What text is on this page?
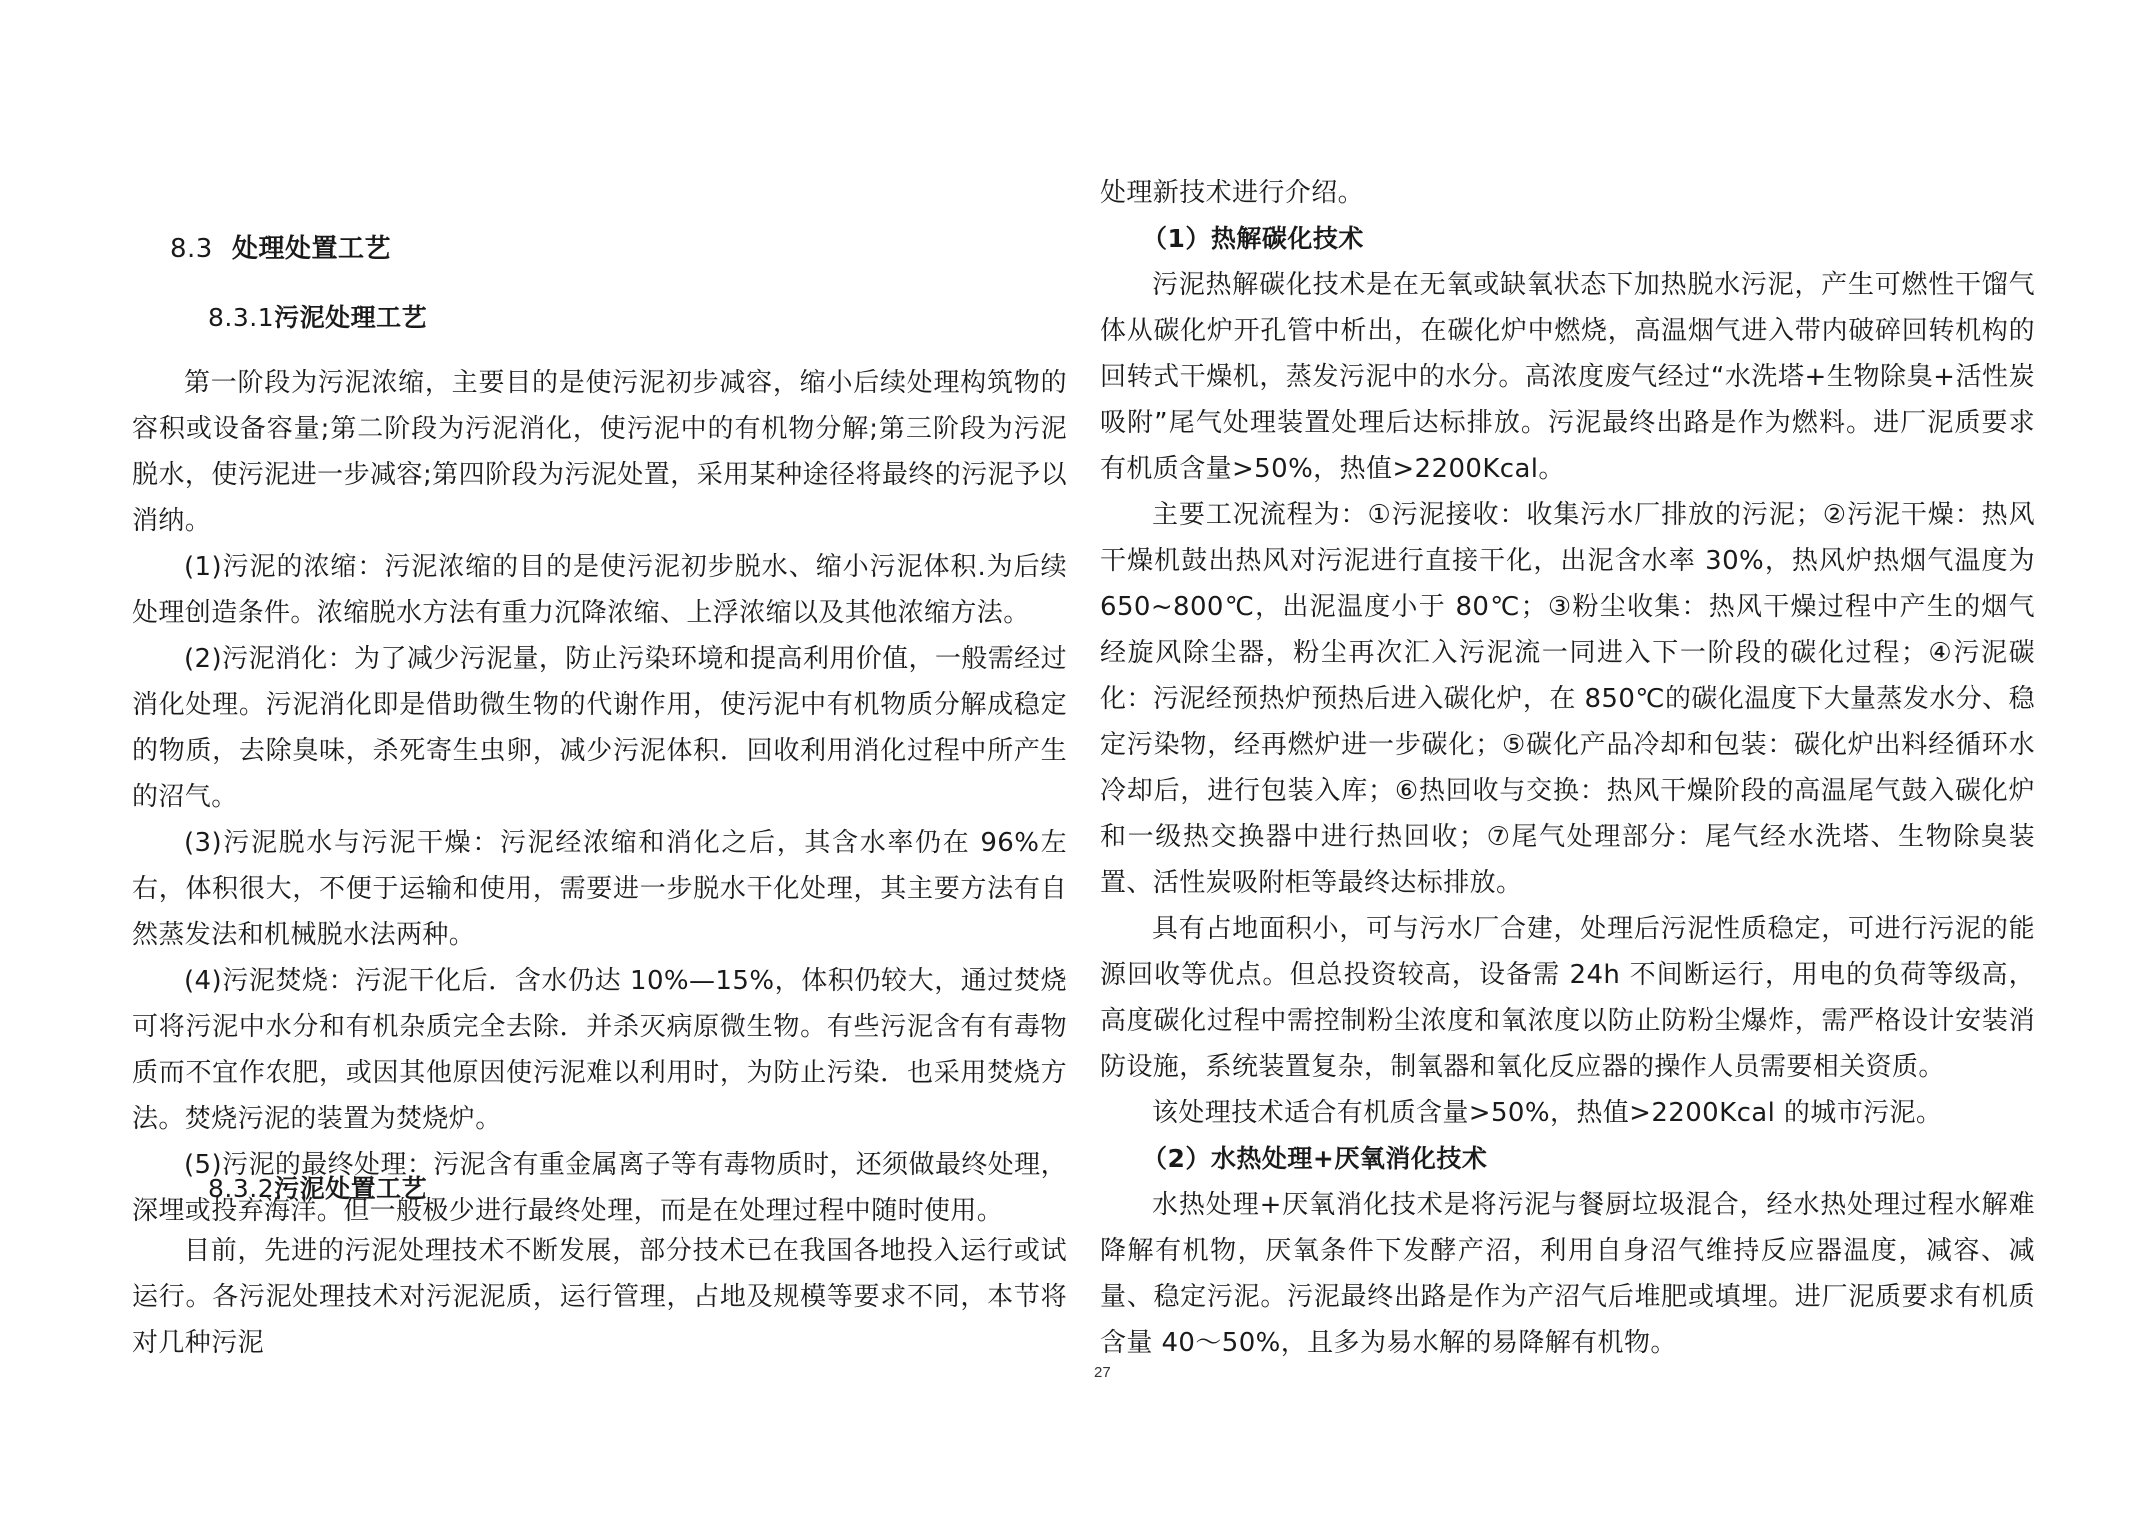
8.3 处理处置工艺
8.3.1污泥处理工艺

第一阶段为污泥浓缩，主要目的是使污泥初步减容，缩小后续处理构筑物的容积或设备容量;第二阶段为污泥消化，使污泥中的有机物分解;第三阶段为污泥脱水，使污泥进一步减容;第四阶段为污泥处置，采用某种途径将最终的污泥予以消纳。

(1)污泥的浓缩：污泥浓缩的目的是使污泥初步脱水、缩小污泥体积.为后续处理创造条件。浓缩脱水方法有重力沉降浓缩、上浮浓缩以及其他浓缩方法。

(2)污泥消化：为了减少污泥量，防止污染环境和提高利用价值，一般需经过消化处理。污泥消化即是借助微生物的代谢作用，使污泥中有机物质分解成稳定的物质，去除臭味，杀死寄生虫卵，减少污泥体积．回收利用消化过程中所产生的沼气。

(3)污泥脱水与污泥干燥：污泥经浓缩和消化之后，其含水率仍在 96%左右，体积很大，不便于运输和使用，需要进一步脱水干化处理，其主要方法有自然蒸发法和机械脱水法两种。

(4)污泥焚烧：污泥干化后．含水仍达 10%—15%，体积仍较大，通过焚烧可将污泥中水分和有机杂质完全去除．并杀灭病原微生物。有些污泥含有有毒物质而不宜作农肥，或因其他原因使污泥难以利用时，为防止污染．也采用焚烧方法。焚烧污泥的装置为焚烧炉。

(5)污泥的最终处理：污泥含有重金属离子等有毒物质时，还须做最终处理，深埋或投弃海洋。但一般极少进行最终处理，而是在处理过程中随时使用。

8.3.2污泥处置工艺

目前，先进的污泥处理技术不断发展，部分技术已在我国各地投入运行或试运行。各污泥处理技术对污泥泥质，运行管理，占地及规模等要求不同，本节将对几种污泥

处理新技术进行介绍。

（1）热解碳化技术

污泥热解碳化技术是在无氧或缺氧状态下加热脱水污泥，产生可燃性干馏气体从碳化炉开孔管中析出，在碳化炉中燃烧，高温烟气进入带内破碎回转机构的回转式干燥机，蒸发污泥中的水分。高浓度废气经过“水洗塔+生物除臭+活性炭吸附”尾气处理装置处理后达标排放。污泥最终出路是作为燃料。进厂泥质要求有机质含量>50%，热值>2200Kcal。

主要工况流程为：①污泥接收：收集污水厂排放的污泥；②污泥干燥：热风干燥机鼓出热风对污泥进行直接干化，出泥含水率 30%，热风炉热烟气温度为 650~800℃，出泥温度小于 80℃；③粉尘收集：热风干燥过程中产生的烟气经旋风除尘器，粉尘再次汇入污泥流一同进入下一阶段的碳化过程；④污泥碳化：污泥经预热炉预热后进入碳化炉，在 850℃的碳化温度下大量蒸发水分、稳定污染物，经再燃炉进一步碳化；⑤碳化产品冷却和包装：碳化炉出料经循环水冷却后，进行包装入库；⑥热回收与交换：热风干燥阶段的高温尾气鼓入碳化炉和一级热交换器中进行热回收；⑦尾气处理部分：尾气经水洗塔、生物除臭装置、活性炭吸附柜等最终达标排放。

具有占地面积小，可与污水厂合建，处理后污泥性质稳定，可进行污泥的能源回收等优点。但总投资较高，设备需 24h 不间断运行，用电的负荷等级高，高度碳化过程中需控制粉尘浓度和氧浓度以防止防粉尘爆炸，需严格设计安装消防设施，系统装置复杂，制氧器和氧化反应器的操作人员需要相关资质。

该处理技术适合有机质含量>50%，热值>2200Kcal 的城市污泥。

（2）水热处理+厌氧消化技术

水热处理+厌氧消化技术是将污泥与餐厨垃圾混合，经水热处理过程水解难降解有机物，厌氧条件下发酵产沼，利用自身沼气维持反应器温度，减容、减量、稳定污泥。污泥最终出路是作为产沼气后堆肥或填埋。进厂泥质要求有机质含量 40～50%，且多为易水解的易降解有机物。

27
